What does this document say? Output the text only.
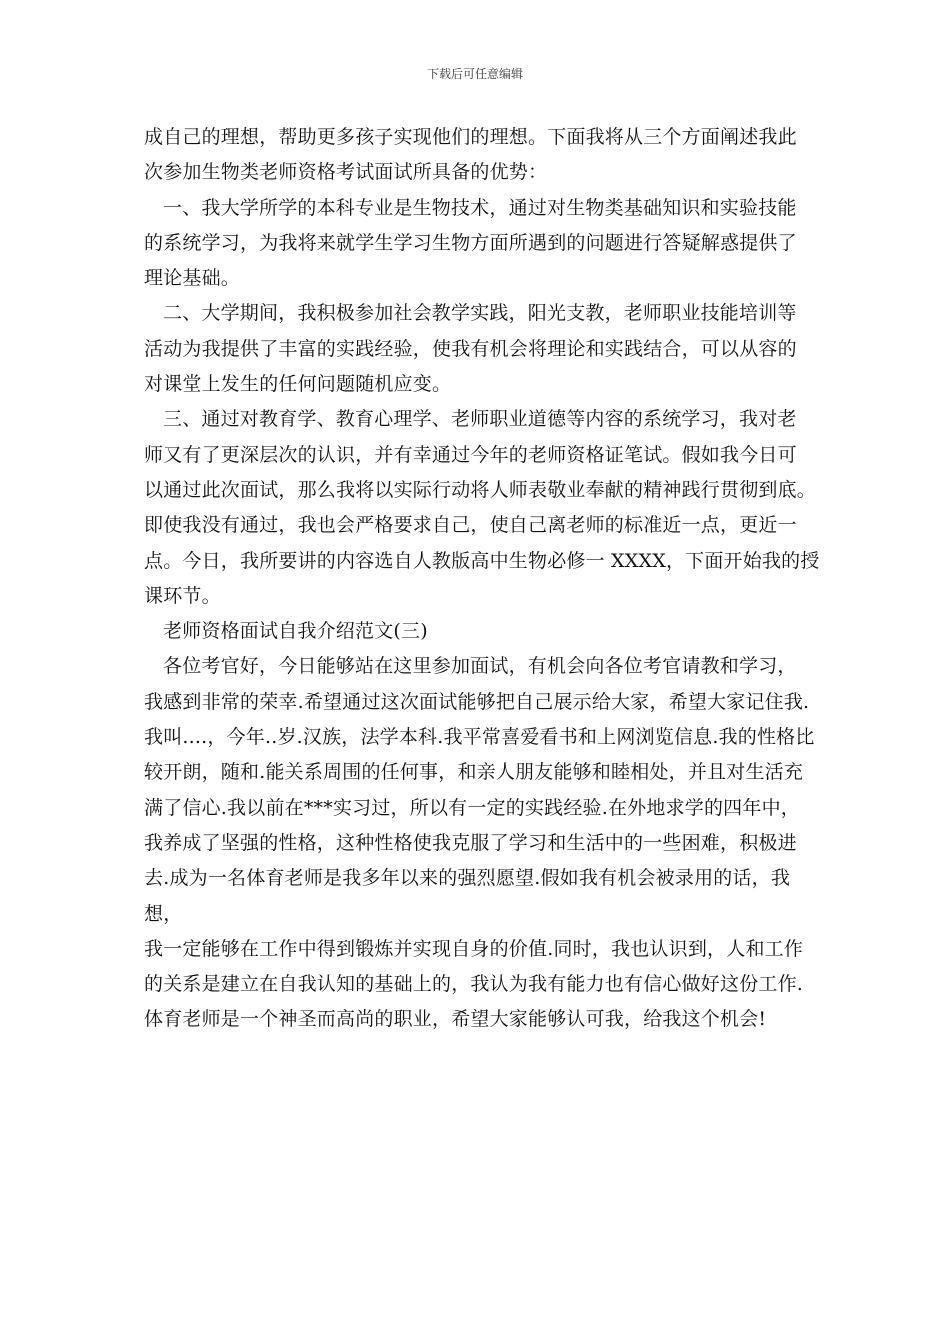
下载后可任意编辑
成自己的理想，帮助更多孩子实现他们的理想。下面我将从三个方面阐述我此
次参加生物类老师资格考试面试所具备的优势：
一、我大学所学的本科专业是生物技术，通过对生物类基础知识和实验技能
的系统学习，为我将来就学生学习生物方面所遇到的问题进行答疑解惑提供了
理论基础。
二、大学期间，我积极参加社会教学实践，阳光支教，老师职业技能培训等
活动为我提供了丰富的实践经验，使我有机会将理论和实践结合，可以从容的
对课堂上发生的任何问题随机应变。
三、通过对教育学、教育心理学、老师职业道德等内容的系统学习，我对老
师又有了更深层次的认识，并有幸通过今年的老师资格证笔试。假如我今日可
以通过此次面试，那么我将以实际行动将人师表敬业奉献的精神践行贯彻到底。
即使我没有通过，我也会严格要求自己，使自己离老师的标准近一点，更近一
点。今日，我所要讲的内容选自人教版高中生物必修一 XXXX，下面开始我的授
课环节。
老师资格面试自我介绍范文(三)
各位考官好，今日能够站在这里参加面试，有机会向各位考官请教和学习，
我感到非常的荣幸.希望通过这次面试能够把自己展示给大家，希望大家记住我.
我叫....，今年..岁.汉族，法学本科.我平常喜爱看书和上网浏览信息.我的性格比
较开朗，随和.能关系周围的任何事，和亲人朋友能够和睦相处，并且对生活充
满了信心.我以前在***实习过，所以有一定的实践经验.在外地求学的四年中，
我养成了坚强的性格，这种性格使我克服了学习和生活中的一些困难，积极进
去.成为一名体育老师是我多年以来的强烈愿望.假如我有机会被录用的话，我想，
我一定能够在工作中得到锻炼并实现自身的价值.同时，我也认识到，人和工作
的关系是建立在自我认知的基础上的，我认为我有能力也有信心做好这份工作.
体育老师是一个神圣而高尚的职业，希望大家能够认可我，给我这个机会!
